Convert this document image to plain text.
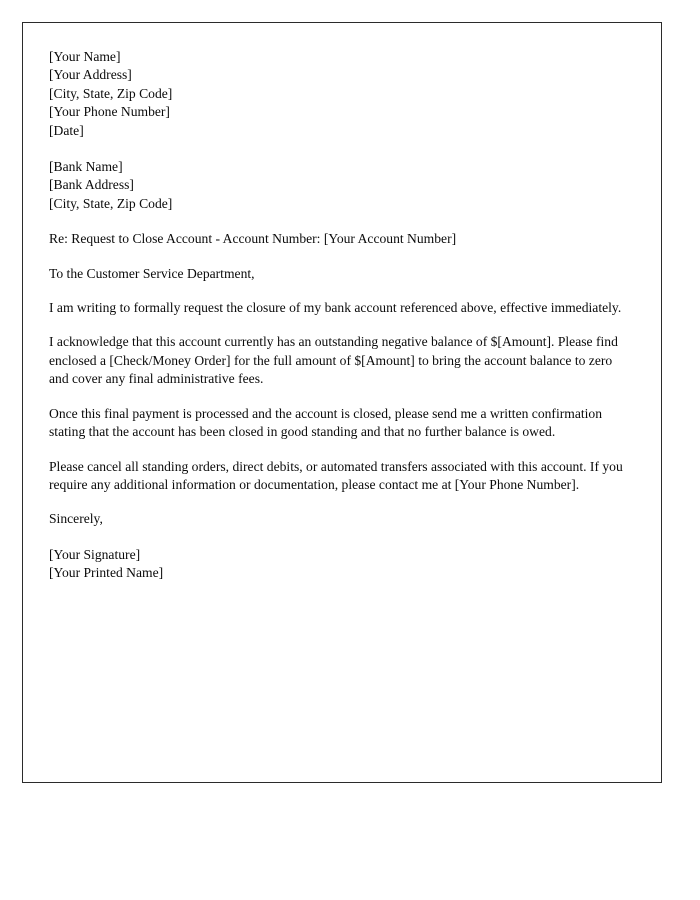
[Your Name]
[Your Address]
[City, State, Zip Code]
[Your Phone Number]
[Date]
[Bank Name]
[Bank Address]
[City, State, Zip Code]

Re: Request to Close Account - Account Number: [Your Account Number]

To the Customer Service Department,

I am writing to formally request the closure of my bank account referenced above, effective immediately.

I acknowledge that this account currently has an outstanding negative balance of $[Amount]. Please find enclosed a [Check/Money Order] for the full amount of $[Amount] to bring the account balance to zero and cover any final administrative fees.

Once this final payment is processed and the account is closed, please send me a written confirmation stating that the account has been closed in good standing and that no further balance is owed.

Please cancel all standing orders, direct debits, or automated transfers associated with this account. If you require any additional information or documentation, please contact me at [Your Phone Number].

Sincerely,

[Your Signature]
[Your Printed Name]
